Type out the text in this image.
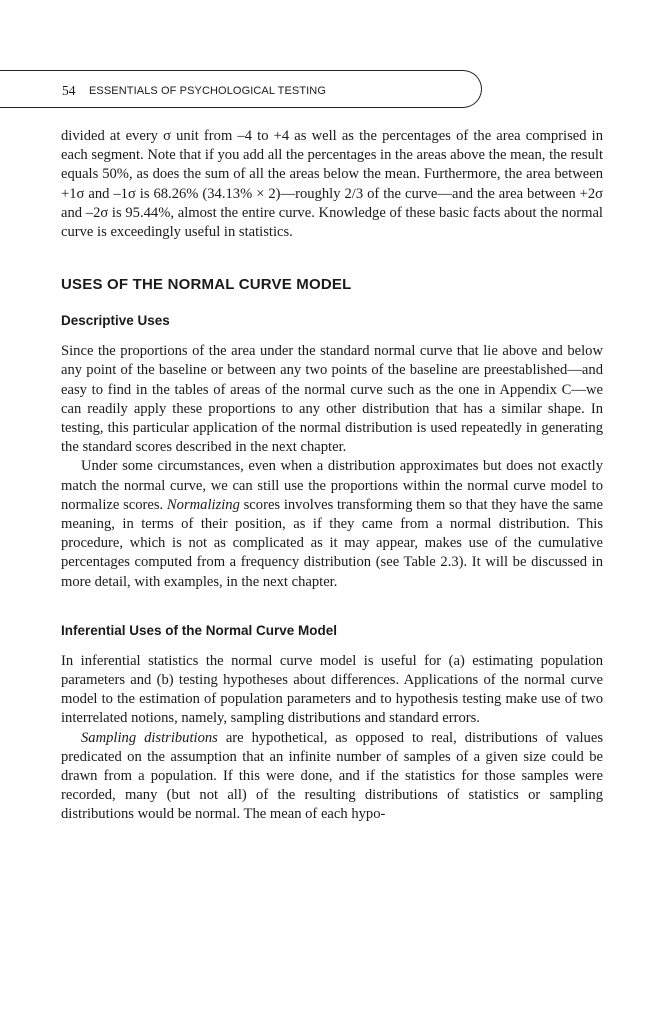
54 ESSENTIALS OF PSYCHOLOGICAL TESTING

divided at every σ unit from –4 to +4 as well as the percentages of the area comprised in each segment. Note that if you add all the percentages in the areas above the mean, the result equals 50%, as does the sum of all the areas below the mean. Furthermore, the area between +1σ and –1σ is 68.26% (34.13% × 2)—roughly 2/3 of the curve—and the area between +2σ and –2σ is 95.44%, almost the entire curve. Knowledge of these basic facts about the normal curve is exceedingly useful in statistics.

USES OF THE NORMAL CURVE MODEL
Descriptive Uses

Since the proportions of the area under the standard normal curve that lie above and below any point of the baseline or between any two points of the baseline are preestablished—and easy to find in the tables of areas of the normal curve such as the one in Appendix C—we can readily apply these proportions to any other distribution that has a similar shape. In testing, this particular application of the normal distribution is used repeatedly in generating the standard scores described in the next chapter.

Under some circumstances, even when a distribution approximates but does not exactly match the normal curve, we can still use the proportions within the normal curve model to normalize scores. Normalizing scores involves transforming them so that they have the same meaning, in terms of their position, as if they came from a normal distribution. This procedure, which is not as complicated as it may appear, makes use of the cumulative percentages computed from a frequency distribution (see Table 2.3). It will be discussed in more detail, with examples, in the next chapter.

Inferential Uses of the Normal Curve Model

In inferential statistics the normal curve model is useful for (a) estimating population parameters and (b) testing hypotheses about differences. Applications of the normal curve model to the estimation of population parameters and to hypothesis testing make use of two interrelated notions, namely, sampling distributions and standard errors.

Sampling distributions are hypothetical, as opposed to real, distributions of values predicated on the assumption that an infinite number of samples of a given size could be drawn from a population. If this were done, and if the statistics for those samples were recorded, many (but not all) of the resulting distributions of statistics or sampling distributions would be normal. The mean of each hypo-
